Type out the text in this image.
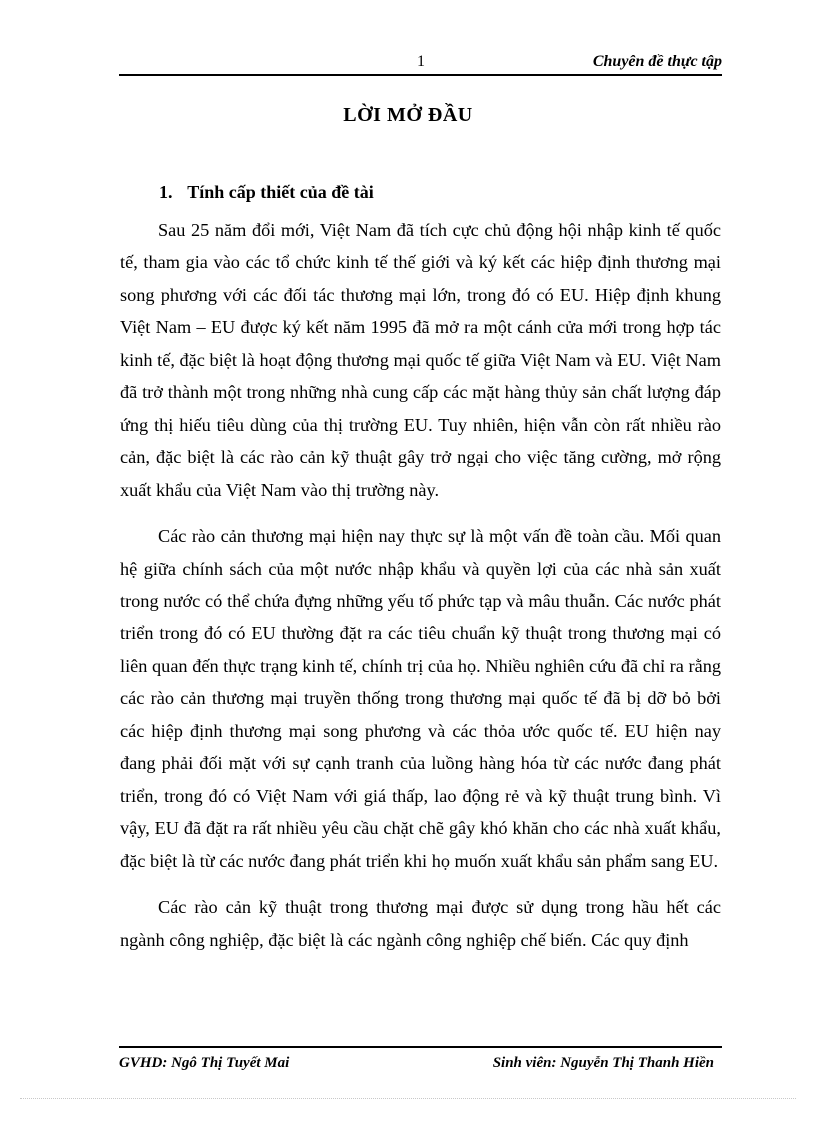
1	Chuyên đề thực tập
LỜI MỞ ĐẦU
1. Tính cấp thiết của đề tài

Sau 25 năm đổi mới, Việt Nam đã tích cực chủ động hội nhập kinh tế quốc tế, tham gia vào các tổ chức kinh tế thế giới và ký kết các hiệp định thương mại song phương với các đối tác thương mại lớn, trong đó có EU. Hiệp định khung Việt Nam – EU được ký kết năm 1995 đã mở ra một cánh cửa mới trong hợp tác kinh tế, đặc biệt là hoạt động thương mại quốc tế giữa Việt Nam và EU. Việt Nam đã trở thành một trong những nhà cung cấp các mặt hàng thủy sản chất lượng đáp ứng thị hiếu tiêu dùng của thị trường EU. Tuy nhiên, hiện vẫn còn rất nhiều rào cản, đặc biệt là các rào cản kỹ thuật gây trở ngại cho việc tăng cường, mở rộng xuất khẩu của Việt Nam vào thị trường này.

Các rào cản thương mại hiện nay thực sự là một vấn đề toàn cầu. Mối quan hệ giữa chính sách của một nước nhập khẩu và quyền lợi của các nhà sản xuất trong nước có thể chứa đựng những yếu tố phức tạp và mâu thuẫn. Các nước phát triển trong đó có EU thường đặt ra các tiêu chuẩn kỹ thuật trong thương mại có liên quan đến thực trạng kinh tế, chính trị của họ. Nhiều nghiên cứu đã chỉ ra rằng các rào cản thương mại truyền thống trong thương mại quốc tế đã bị dỡ bỏ bởi các hiệp định thương mại song phương và các thỏa ước quốc tế. EU hiện nay đang phải đối mặt với sự cạnh tranh của luồng hàng hóa từ các nước đang phát triển, trong đó có Việt Nam với giá thấp, lao động rẻ và kỹ thuật trung bình. Vì vậy, EU đã đặt ra rất nhiều yêu cầu chặt chẽ gây khó khăn cho các nhà xuất khẩu, đặc biệt là từ các nước đang phát triển khi họ muốn xuất khẩu sản phẩm sang EU.

Các rào cản kỹ thuật trong thương mại được sử dụng trong hầu hết các ngành công nghiệp, đặc biệt là các ngành công nghiệp chế biến. Các quy định

GVHD: Ngô Thị Tuyết Mai	Sinh viên: Nguyễn Thị Thanh Hiền
